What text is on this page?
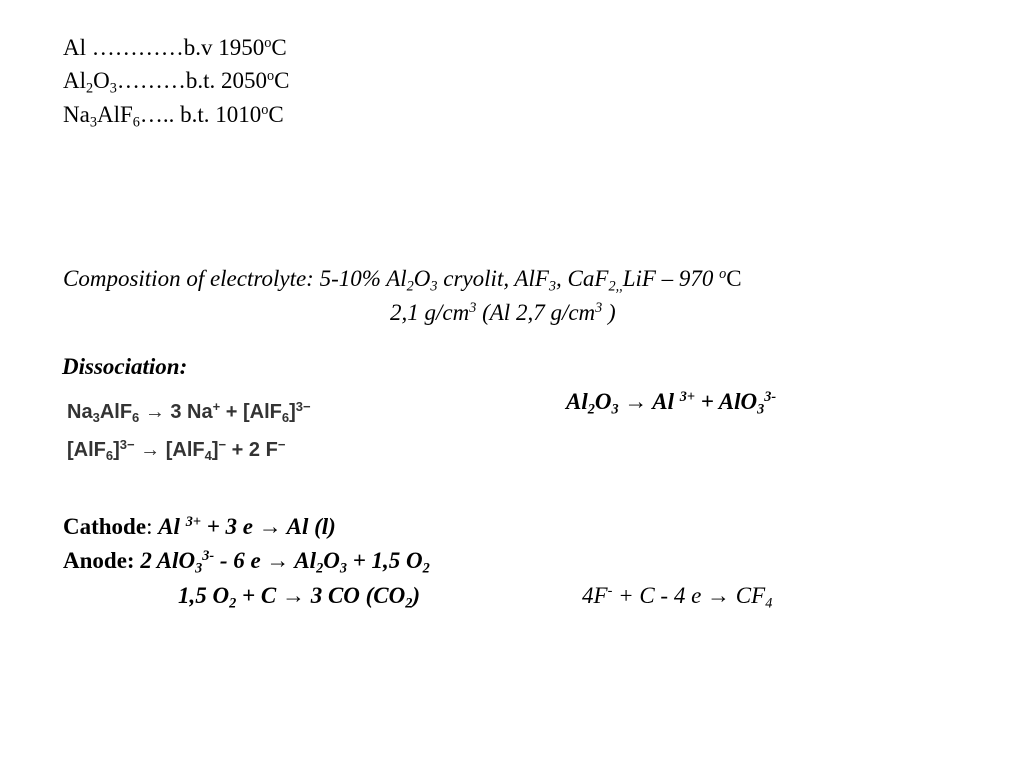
Al …………b.v 1950$^o$C
$Al_2O_3\dots\dots\dots b.t$. 2050$^o$C
$Na_3AlF_6\dots$.. b.t. 1010$^o$C
Composition of electrolyte: 5-10% $Al_2O_3$ cryolit, AlF$_3$, CaF$_{2,,}$LiF – 970 $^o$C
2,1 $g/cm^3$ (Al 2,7 $g/cm^3$ )
Dissociation:
$Al_2O_3 \to Al$ $^{3+}$ + AlO$_3^{3-}$
$Na_3AlF_6 \to 3$ $Na^+ + [AlF_6]^{3-}$
$[AlF_6]^{3-} \to [AlF_4]^- + 2$ F−
Cathode: Al $^{3+}$ + 3 e → Al (l)
Anode: 2 AlO$_3^{3-}$ - 6 $e \to Al_2O_3 + 1,5$ $O_2$
1,5 $O_2 + C \to 3$ CO $(CO_2)$	4F- + C - 4 $e \to CF_4$
